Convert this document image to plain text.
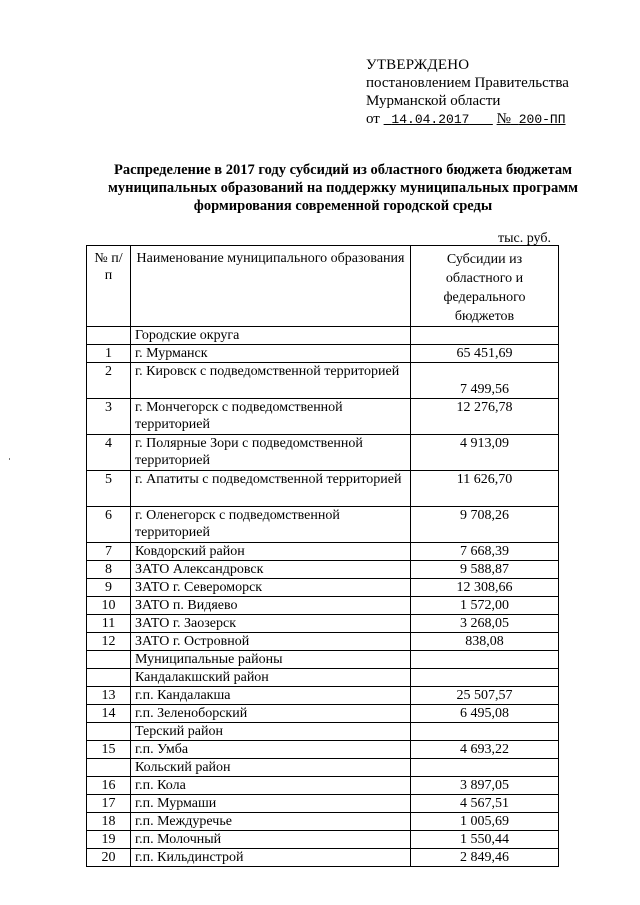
УТВЕРЖДЕНО
постановлением Правительства
Мурманской области
от 14.04.2017 № 200-ПП
Распределение в 2017 году субсидий из областного бюджета бюджетам муниципальных образований на поддержку муниципальных программ формирования современной городской среды
тыс. руб.
№ п/п	Наименование муниципального образования	Субсидии из областного и федерального бюджетов
	Городские округа	
1	г. Мурманск	65 451,69
2	г. Кировск с подведомственной территорией	7 499,56
3	г. Мончегорск с подведомственной территорией	12 276,78
4	г. Полярные Зори с подведомственной территорией	4 913,09
5	г. Апатиты с подведомственной территорией	11 626,70
6	г. Оленегорск с подведомственной территорией	9 708,26
7	Ковдорский район	7 668,39
8	ЗАТО Александровск	9 588,87
9	ЗАТО г. Североморск	12 308,66
10	ЗАТО п. Видяево	1 572,00
11	ЗАТО г. Заозерск	3 268,05
12	ЗАТО г. Островной	838,08
	Муниципальные районы	
	Кандалакшский район	
13	г.п. Кандалакша	25 507,57
14	г.п. Зеленоборский	6 495,08
	Терский район	
15	г.п. Умба	4 693,22
	Кольский район	
16	г.п. Кола	3 897,05
17	г.п. Мурмаши	4 567,51
18	г.п. Междуречье	1 005,69
19	г.п. Молочный	1 550,44
20	г.п. Кильдинстрой	2 849,46
